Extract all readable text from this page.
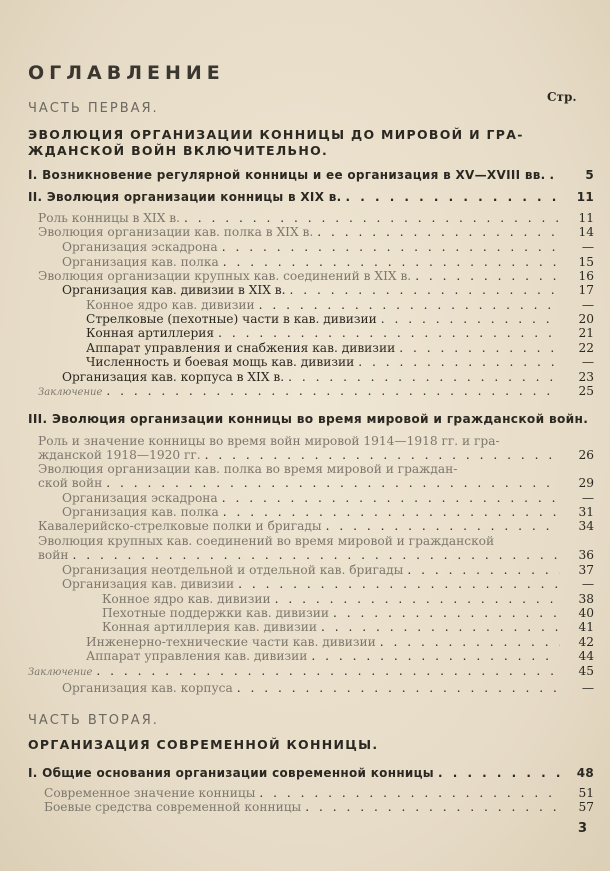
ОГЛАВЛЕНИЕ
Стр.
ЧАСТЬ ПЕРВАЯ.
ЭВОЛЮЦИЯ ОРГАНИЗАЦИИ КОННИЦЫ ДО МИРОВОЙ И ГРА-
ЖДАНСКОЙ ВОЙН ВКЛЮЧИТЕЛЬНО.
I. Возникновение регулярной конницы и ее организация в XV—XVIII вв. . . .	5
II. Эволюция организации конницы в XIX в. . . .	11
Роль конницы в XIX в. . . .	11
Эволюция организации кав. полка в XIX в. . . .	14
Организация эскадрона . . .	—
Организация кав. полка . . .	15
Эволюция организации крупных кав. соединений в XIX в. . . .	16
Организация кав. дивизии в XIX в. . . .	17
Конное ядро кав. дивизии . . .	—
Стрелковые (пехотные) части в кав. дивизии . . .	20
Конная артиллерия . . .	21
Аппарат управления и снабжения кав. дивизии . . .	22
Численность и боевая мощь кав. дивизии . . .	—
Организация кав. корпуса в XIX в. . . .	23
Заключение . . .	25
III. Эволюция организации конницы во время мировой и гражданской войн.
Роль и значение конницы во время войн мировой 1914—1918 гг. и гра-
жданской 1918—1920 гг. . . .	26
Эволюция организации кав. полка во время мировой и граждан-
ской войн . . .	29
Организация эскадрона . . .	—
Организация кав. полка . . .	31
Кавалерийско-стрелковые полки и бригады . . .	34
Эволюция крупных кав. соединений во время мировой и гражданской
войн . . .	36
Организация неотдельной и отдельной кав. бригады . . .	37
Организация кав. дивизии . . .	—
Конное ядро кав. дивизии . . .	38
Пехотные поддержки кав. дивизии . . .	40
Конная артиллерия кав. дивизии . . .	41
Инженерно-технические части кав. дивизии . . .	42
Аппарат управления кав. дивизии . . .	44
Заключение . . .	45
Организация кав. корпуса . . .	—
ЧАСТЬ ВТОРАЯ.
ОРГАНИЗАЦИЯ СОВРЕМЕННОЙ КОННИЦЫ.
I. Общие основания организации современной конницы . . .	48
Современное значение конницы . . .	51
Боевые средства современной конницы . . .	57
3
